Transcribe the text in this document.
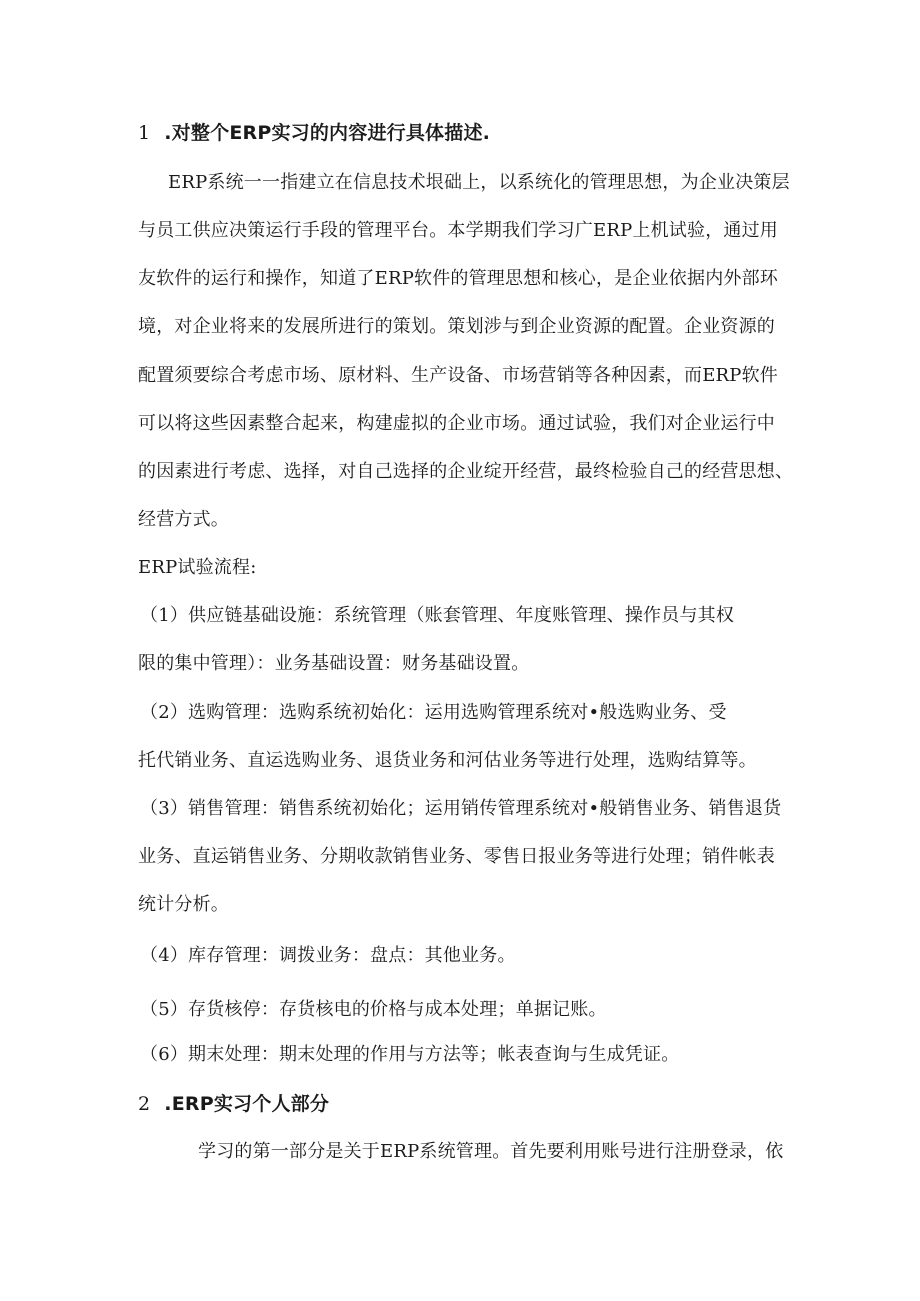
1 .对整个ERP实习的内容进行具体描述.
ERP系统一一指建立在信息技术垠础上，以系统化的管理思想，为企业决策层
与员工供应决策运行手段的管理平台。本学期我们学习广ERP上机试验，通过用
友软件的运行和操作，知道了ERP软件的管理思想和核心，是企业依据内外部环
境，对企业将来的发展所进行的策划。策划涉与到企业资源的配置。企业资源的
配置须要综合考虑市场、原材料、生产设备、市场营销等各种因素，而ERP软件
可以将这些因素整合起来，构建虚拟的企业市场。通过试验，我们对企业运行中
的因素进行考虑、选择，对自己选择的企业绽开经营，最终检验自己的经营思想、
经营方式。
ERP试验流程:
（1）供应链基础设施：系统管理（账套管理、年度账管理、操作员与其权
限的集中管理）：业务基础设置：财务基础设置。
（2）选购管理：选购系统初始化：运用选购管理系统对•般选购业务、受
托代销业务、直运选购业务、退货业务和河估业务等进行处理，选购结算等。
（3）销售管理：销售系统初始化；运用销传管理系统对•般销售业务、销售退货
业务、直运销售业务、分期收款销售业务、零售日报业务等进行处理；销件帐表
统计分析。
（4）库存管理：调拨业务：盘点：其他业务。
（5）存货核停：存货核电的价格与成本处理；单据记账。
（6）期末处理：期末处理的作用与方法等；帐表查询与生成凭证。
2 .ERP实习个人部分
学习的第一部分是关于ERP系统管理。首先要利用账号进行注册登录，依
